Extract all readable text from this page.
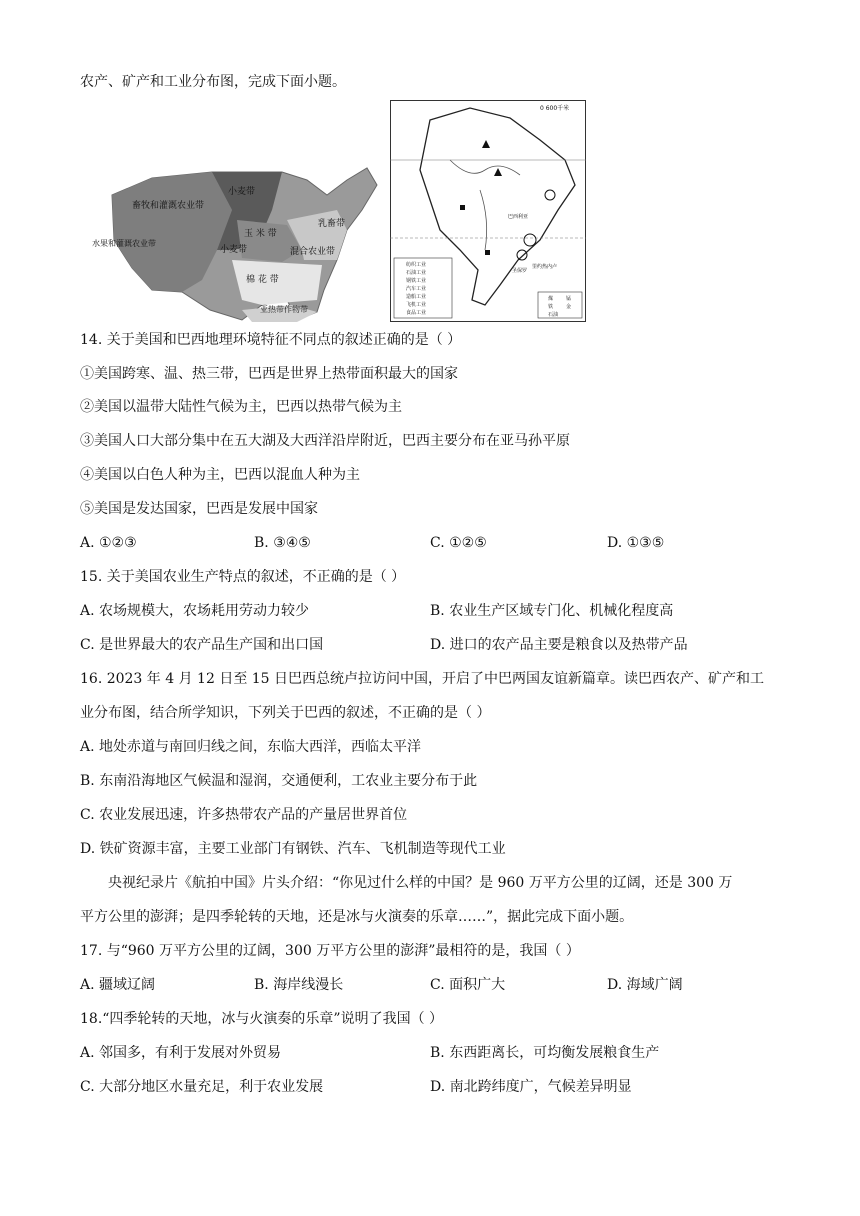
农产、矿产和工业分布图，完成下面小题。
小麦带
畜牧和灌溉农业带
水果和灌溉农业带
玉 米 带
乳畜带
小麦带	混合农业带
棉 花 带
亚热带作物带
0 600千米
巴西利亚
里约热内卢
圣保罗
纺织工业
石油工业
钢铁工业
汽车工业
造船工业
飞机工业
食品工业
煤
铁
石油
锰
金
14. 关于美国和巴西地理环境特征不同点的叙述正确的是（ ）
①美国跨寒、温、热三带，巴西是世界上热带面积最大的国家
②美国以温带大陆性气候为主，巴西以热带气候为主
③美国人口大部分集中在五大湖及大西洋沿岸附近，巴西主要分布在亚马孙平原
④美国以白色人种为主，巴西以混血人种为主
⑤美国是发达国家，巴西是发展中国家
A. ①②③	B. ③④⑤	C. ①②⑤	D. ①③⑤
15. 关于美国农业生产特点的叙述，不正确的是（ ）
A. 农场规模大，农场耗用劳动力较少	B. 农业生产区域专门化、机械化程度高
C. 是世界最大的农产品生产国和出口国	D. 进口的农产品主要是粮食以及热带产品
16. 2023 年 4 月 12 日至 15 日巴西总统卢拉访问中国，开启了中巴两国友谊新篇章。读巴西农产、矿产和工
业分布图，结合所学知识，下列关于巴西的叙述，不正确的是（ ）
A. 地处赤道与南回归线之间，东临大西洋，西临太平洋
B. 东南沿海地区气候温和湿润，交通便利，工农业主要分布于此
C. 农业发展迅速，许多热带农产品的产量居世界首位
D. 铁矿资源丰富，主要工业部门有钢铁、汽车、飞机制造等现代工业
央视纪录片《航拍中国》片头介绍：“你见过什么样的中国？是 960 万平方公里的辽阔，还是 300 万
平方公里的澎湃；是四季轮转的天地，还是冰与火演奏的乐章……”，据此完成下面小题。
17. 与“960 万平方公里的辽阔，300 万平方公里的澎湃”最相符的是，我国（ ）
A. 疆域辽阔	B. 海岸线漫长	C. 面积广大	D. 海域广阔
18.“四季轮转的天地，冰与火演奏的乐章”说明了我国（ ）
A. 邻国多，有利于发展对外贸易	B. 东西距离长，可均衡发展粮食生产
C. 大部分地区水量充足，利于农业发展	D. 南北跨纬度广，气候差异明显
